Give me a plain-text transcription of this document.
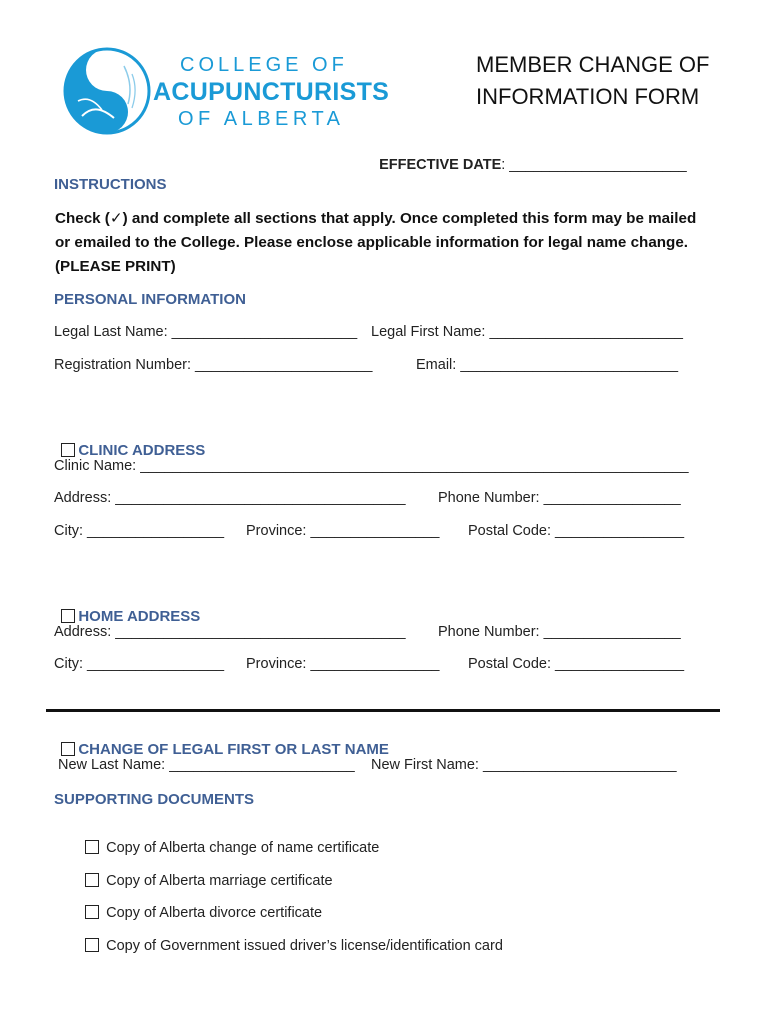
COLLEGE OF
ACUPUNCTURISTS
OF ALBERTA
MEMBER CHANGE OF
INFORMATION FORM

EFFECTIVE DATE: ______________________

INSTRUCTIONS
Check (✓) and complete all sections that apply. Once completed this form may be mailed or emailed to the College. Please enclose applicable information for legal name change. (PLEASE PRINT)
PERSONAL INFORMATION
Legal Last Name: _______________________ Legal First Name: ________________________
Registration Number: ______________________	Email: ___________________________

CLINIC ADDRESS

Clinic Name: ____________________________________________________________________
Address: ____________________________________ Phone Number: _________________
City: _________________ Province: ________________ Postal Code: ________________

HOME ADDRESS

Address: ____________________________________ Phone Number: _________________
City: _________________ Province: ________________ Postal Code: ________________

CHANGE OF LEGAL FIRST OR LAST NAME

New Last Name: _______________________ New First Name: ________________________
SUPPORTING DOCUMENTS

Copy of Alberta change of name certificate

Copy of Alberta marriage certificate

Copy of Alberta divorce certificate

Copy of Government issued driver’s license/identification card
